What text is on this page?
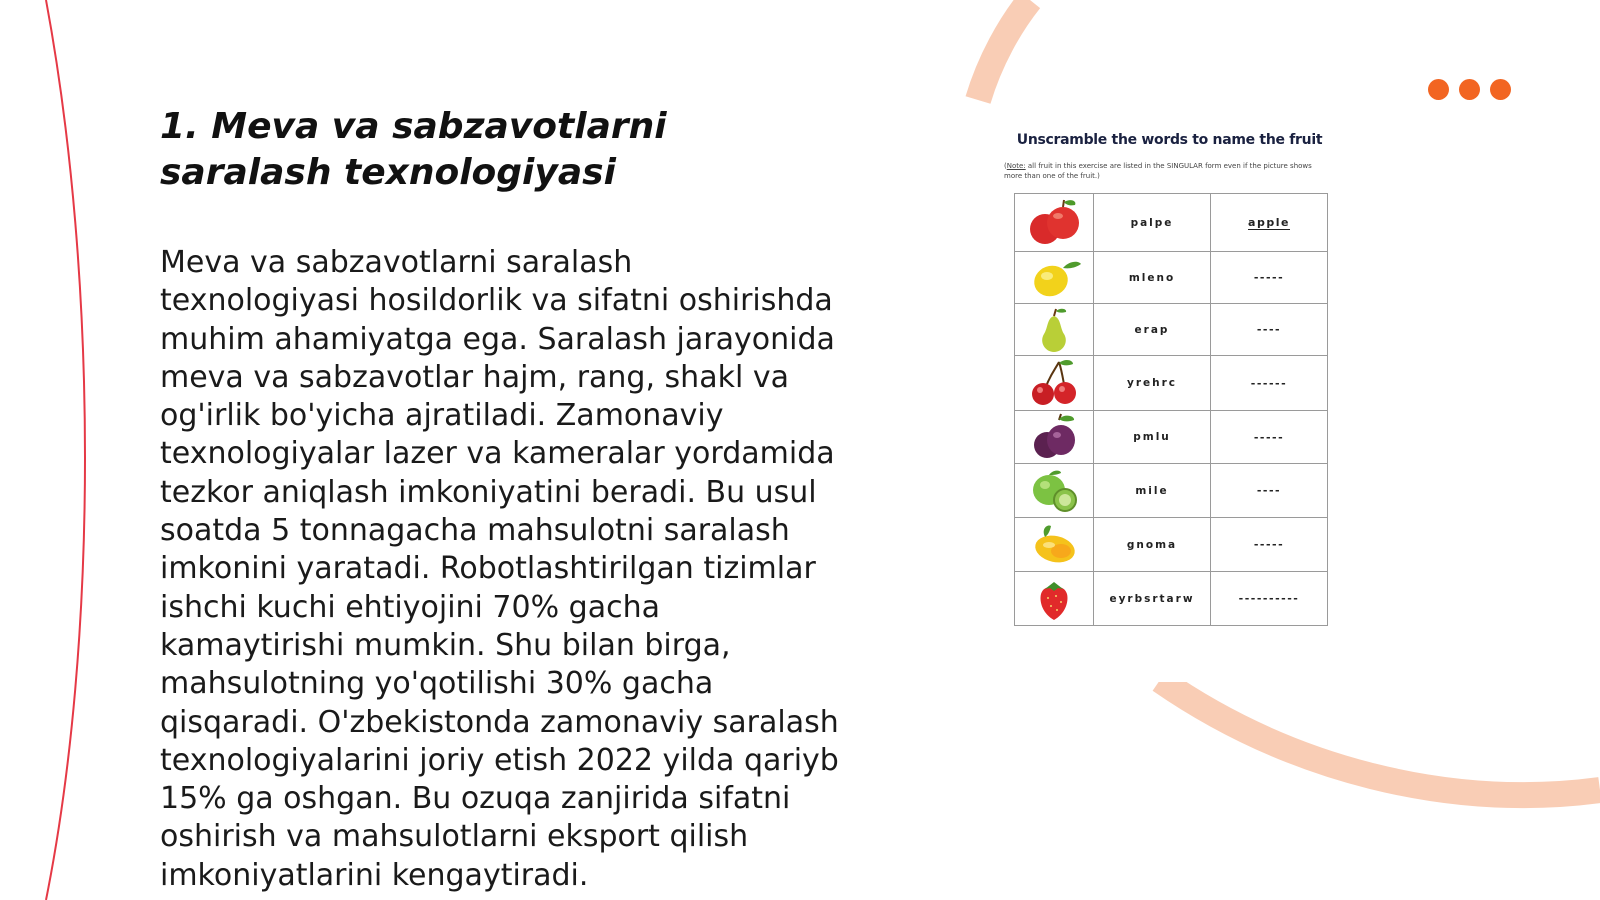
1. Meva va sabzavotlarni saralash texnologiyasi

Meva va sabzavotlarni saralash texnologiyasi hosildorlik va sifatni oshirishda muhim ahamiyatga ega. Saralash jarayonida meva va sabzavotlar hajm, rang, shakl va og'irlik bo'yicha ajratiladi. Zamonaviy texnologiyalar lazer va kameralar yordamida tezkor aniqlash imkoniyatini beradi. Bu usul soatda 5 tonnagacha mahsulotni saralash imkonini yaratadi. Robotlashtirilgan tizimlar ishchi kuchi ehtiyojini 70% gacha kamaytirishi mumkin. Shu bilan birga, mahsulotning yo'qotilishi 30% gacha qisqaradi. O'zbekistonda zamonaviy saralash texnologiyalarini joriy etish 2022 yilda qariyb 15% ga oshgan. Bu ozuqa zanjirida sifatni oshirish va mahsulotlarni eksport qilish imkoniyatlarini kengaytiradi.

Unscramble the words to name the fruit
(Note: all fruit in this exercise are listed in the SINGULAR form even if the picture shows more than one of the fruit.)
	palpe	apple

	mleno	-----

	erap	----

	yrehrc	------

	pmlu	-----

	mile	----

	gnoma	-----

	eyrbsrtarw	----------
